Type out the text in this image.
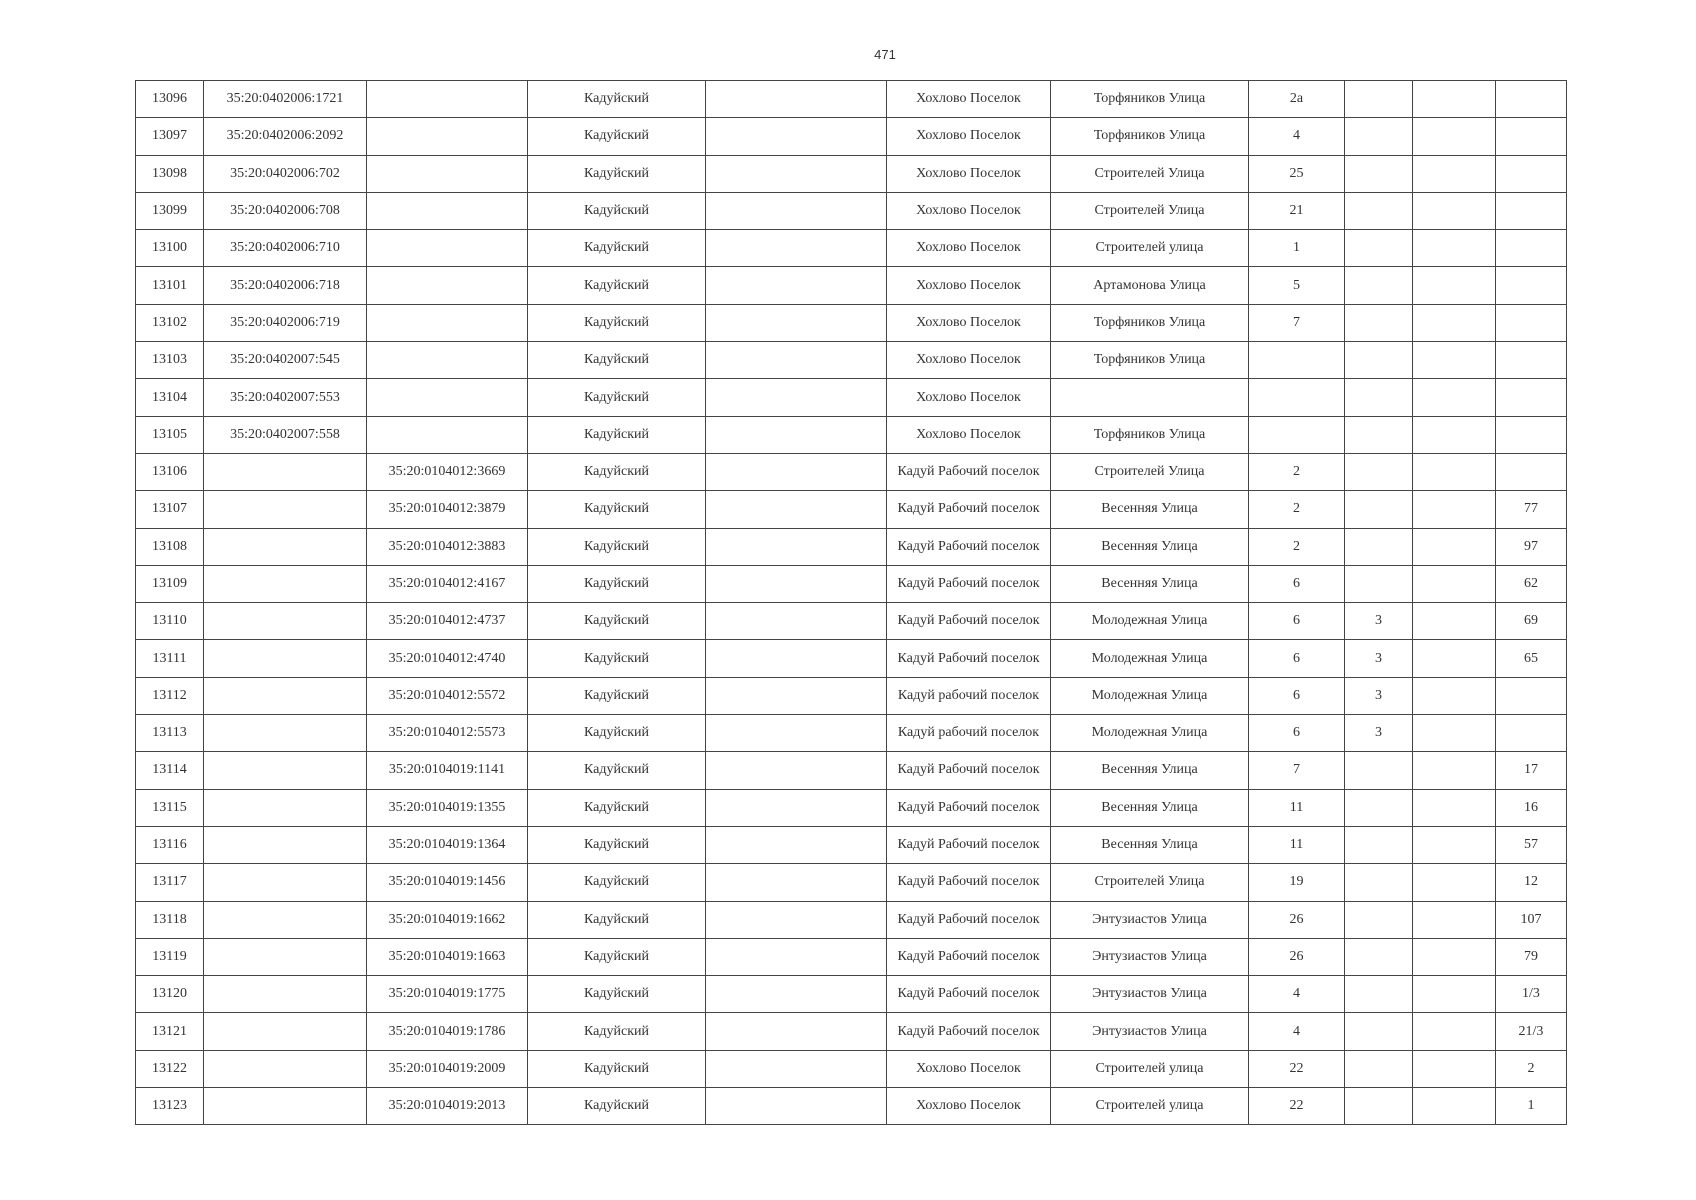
471
13096	35:20:0402006:1721		Кадуйский		Хохлово Поселок	Торфяников Улица	2а			
13097	35:20:0402006:2092		Кадуйский		Хохлово Поселок	Торфяников Улица	4			
13098	35:20:0402006:702		Кадуйский		Хохлово Поселок	Строителей Улица	25			
13099	35:20:0402006:708		Кадуйский		Хохлово Поселок	Строителей Улица	21			
13100	35:20:0402006:710		Кадуйский		Хохлово Поселок	Строителей улица	1			
13101	35:20:0402006:718		Кадуйский		Хохлово Поселок	Артамонова Улица	5			
13102	35:20:0402006:719		Кадуйский		Хохлово Поселок	Торфяников Улица	7			
13103	35:20:0402007:545		Кадуйский		Хохлово Поселок	Торфяников Улица				
13104	35:20:0402007:553		Кадуйский		Хохлово Поселок					
13105	35:20:0402007:558		Кадуйский		Хохлово Поселок	Торфяников Улица				
13106		35:20:0104012:3669	Кадуйский		Кадуй Рабочий поселок	Строителей Улица	2			
13107		35:20:0104012:3879	Кадуйский		Кадуй Рабочий поселок	Весенняя Улица	2			77
13108		35:20:0104012:3883	Кадуйский		Кадуй Рабочий поселок	Весенняя Улица	2			97
13109		35:20:0104012:4167	Кадуйский		Кадуй Рабочий поселок	Весенняя Улица	6			62
13110		35:20:0104012:4737	Кадуйский		Кадуй Рабочий поселок	Молодежная Улица	6	3		69
13111		35:20:0104012:4740	Кадуйский		Кадуй Рабочий поселок	Молодежная Улица	6	3		65
13112		35:20:0104012:5572	Кадуйский		Кадуй рабочий поселок	Молодежная Улица	6	3		
13113		35:20:0104012:5573	Кадуйский		Кадуй рабочий поселок	Молодежная Улица	6	3		
13114		35:20:0104019:1141	Кадуйский		Кадуй Рабочий поселок	Весенняя Улица	7			17
13115		35:20:0104019:1355	Кадуйский		Кадуй Рабочий поселок	Весенняя Улица	11			16
13116		35:20:0104019:1364	Кадуйский		Кадуй Рабочий поселок	Весенняя Улица	11			57
13117		35:20:0104019:1456	Кадуйский		Кадуй Рабочий поселок	Строителей Улица	19			12
13118		35:20:0104019:1662	Кадуйский		Кадуй Рабочий поселок	Энтузиастов Улица	26			107
13119		35:20:0104019:1663	Кадуйский		Кадуй Рабочий поселок	Энтузиастов Улица	26			79
13120		35:20:0104019:1775	Кадуйский		Кадуй Рабочий поселок	Энтузиастов Улица	4			1/3
13121		35:20:0104019:1786	Кадуйский		Кадуй Рабочий поселок	Энтузиастов Улица	4			21/3
13122		35:20:0104019:2009	Кадуйский		Хохлово Поселок	Строителей улица	22			2
13123		35:20:0104019:2013	Кадуйский		Хохлово Поселок	Строителей улица	22			1
